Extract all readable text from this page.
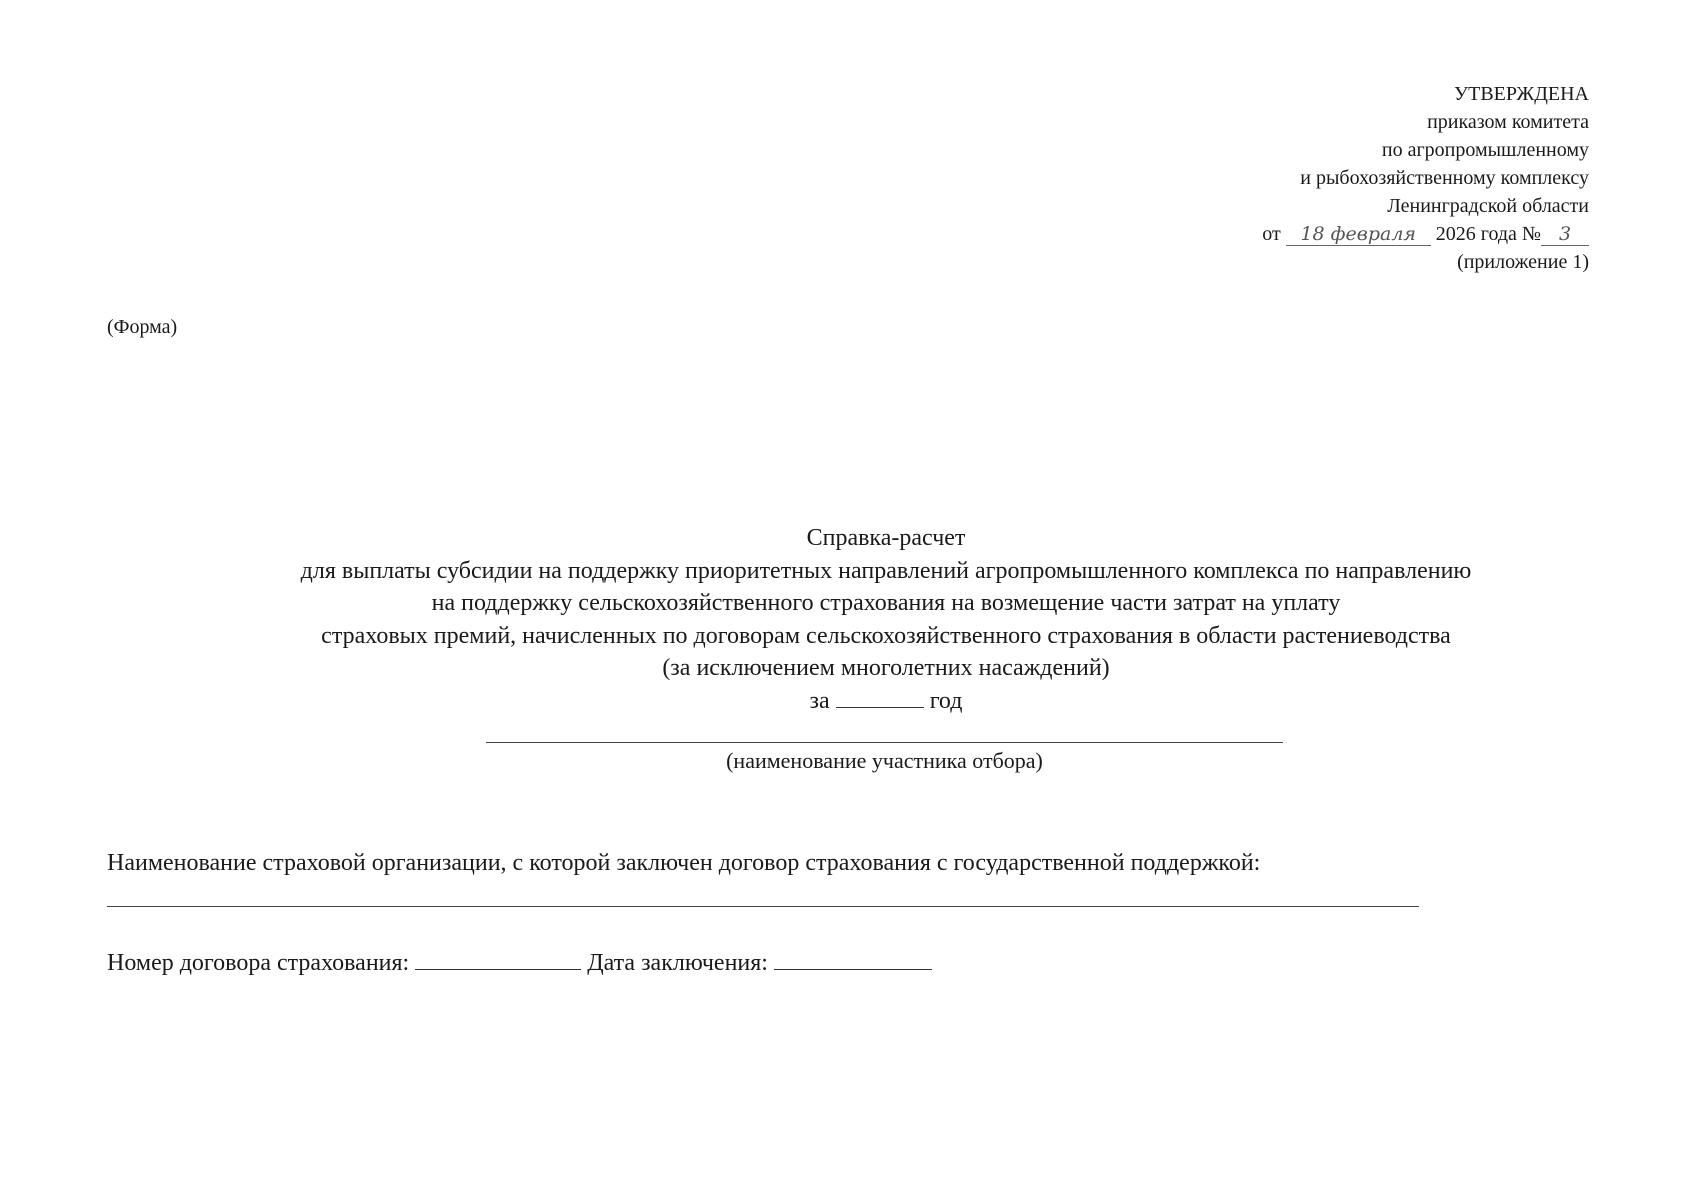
УТВЕРЖДЕНА
приказом комитета
по агропромышленному
и рыбохозяйственному комплексу
Ленинградской области
от 18 февраля 2026 года № 3
(приложение 1)
(Форма)

Справка-расчет

для выплаты субсидии на поддержку приоритетных направлений агропромышленного комплекса по направлению

на поддержку сельскохозяйственного страхования на возмещение части затрат на уплату

страховых премий, начисленных по договорам сельскохозяйственного страхования в области растениеводства

(за исключением многолетних насаждений)

за	год

(наименование участника отбора)
Наименование страховой организации, с которой заключен договор страхования с государственной поддержкой:
Номер договора страхования:	Дата заключения:
